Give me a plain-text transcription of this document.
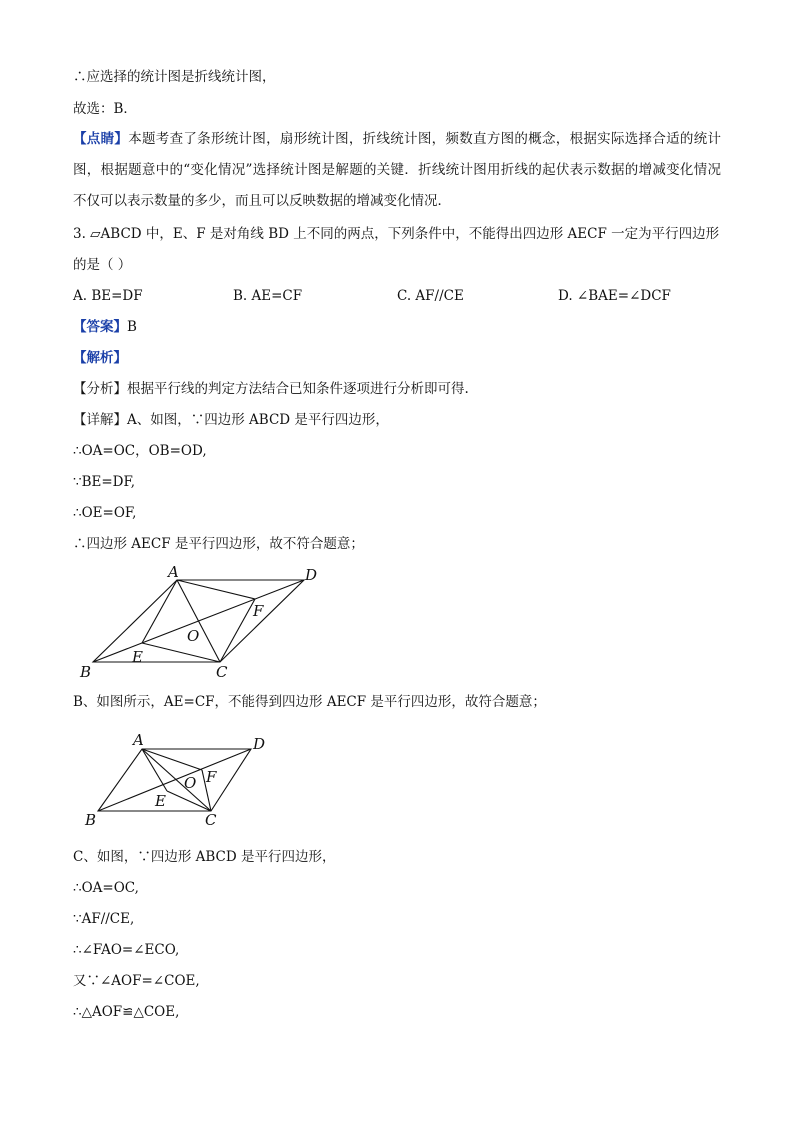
∴应选择的统计图是折线统计图，
故选：B．
【点睛】本题考查了条形统计图，扇形统计图，折线统计图，频数直方图的概念，根据实际选择合适的统计图，根据题意中的“变化情况”选择统计图是解题的关键．折线统计图用折线的起伏表示数据的增减变化情况不仅可以表示数量的多少，而且可以反映数据的增减变化情况．
3. ▱ABCD 中，E、F 是对角线 BD 上不同的两点，下列条件中，不能得出四边形 AECF 一定为平行四边形
的是（ ）
A. BE=DF	B. AE=CF	C. AF//CE	D. ∠BAE=∠DCF
【答案】B
【解析】
【分析】根据平行线的判定方法结合已知条件逐项进行分析即可得.
【详解】A、如图，∵四边形 ABCD 是平行四边形，
∴OA=OC，OB=OD,
∵BE=DF,
∴OE=OF,
∴四边形 AECF 是平行四边形，故不符合题意；
A	D
B	C
E
F
O
B、如图所示，AE=CF，不能得到四边形 AECF 是平行四边形，故符合题意；
A	D
B	C
E
F
O
C、如图，∵四边形 ABCD 是平行四边形，
∴OA=OC,
∵AF//CE,
∴∠FAO=∠ECO,
又∵∠AOF=∠COE,
∴△AOF≌△COE,
